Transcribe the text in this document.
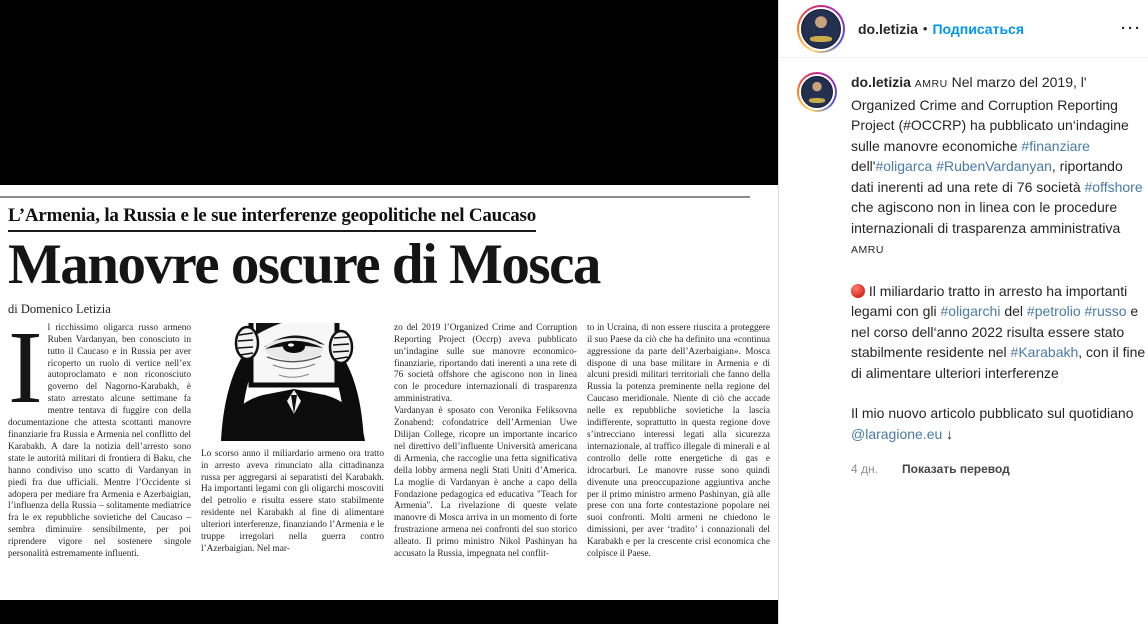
L’Armenia, la Russia e le sue interferenze geopolitiche nel Caucaso
Manovre oscure di Mosca
di Domenico Letizia

Il ricchissimo oligarca russo armeno Ruben Vardanyan, ben conosciuto in tutto il Caucaso e in Russia per aver ricoperto un ruolo di vertice nell’ex autoproclamato e non riconosciuto governo del Nagorno-Karabakh, è stato arrestato alcune settimane fa mentre tentava di fuggire con della documentazione che attesta scottanti manovre finanziarie fra Russia e Armenia nel conflitto del Karabakh. A dare la notizia dell’arresto sono state le autorità militari di frontiera di Baku, che hanno condiviso uno scatto di Vardanyan in piedi fra due ufficiali. Mentre l’Occidente si adopera per mediare fra Armenia e Azerbaigian, l’influenza della Russia – solitamente mediatrice fra le ex repubbliche sovietiche del Caucaso – sembra diminuire sensibilmente, per poi riprendere vigore nel sostenere singole personalità estremamente influenti.

Lo scorso anno il miliardario armeno ora tratto in arresto aveva rinunciato alla cittadinanza russa per aggregarsi ai separatisti del Karabakh. Ha importanti legami con gli oligarchi moscoviti del petrolio e risulta essere stato stabilmente residente nel Karabakh al fine di alimentare ulteriori interferenze, finanziando l’Armenia e le truppe irregolari nella guerra contro l’Azerbaigian. Nel mar-

zo del 2019 l’Organized Crime and Corruption Reporting Project (Occrp) aveva pubblicato un’indagine sulle sue manovre economico-finanziarie, riportando dati inerenti a una rete di 76 società offshore che agiscono non in linea con le procedure internazionali di trasparenza amministrativa.

Vardanyan è sposato con Veronika Feliksovna Zonabend: cofondatrice dell’Armenian Uwe Dilijan College, ricopre un importante incarico nel direttivo dell’influente Università americana di Armenia, che raccoglie una fetta significativa della lobby armena negli Stati Uniti d’America. La moglie di Vardanyan è anche a capo della Fondazione pedagogica ed educativa "Teach for Armenia". La rivelazione di queste velate manovre di Mosca arriva in un momento di forte frustrazione armena nei confronti del suo storico alleato. Il primo ministro Nikol Pashinyan ha accusato la Russia, impegnata nel conflit-

to in Ucraina, di non essere riuscita a proteggere il suo Paese da ciò che ha definito una «continua aggressione da parte dell’Azerbaigian». Mosca dispone di una base militare in Armenia e di alcuni presidi militari territoriali che fanno della Russia la potenza preminente nella regione del Caucaso meridionale. Niente di ciò che accade nelle ex repubbliche sovietiche la lascia indifferente, soprattutto in questa regione dove s’intrecciano interessi legati alla sicurezza internazionale, al traffico illegale di minerali e al controllo delle rotte energetiche di gas e idrocarburi. Le manovre russe sono quindi divenute una preoccupazione aggiuntiva anche per il primo ministro armeno Pashinyan, già alle prese con una forte contestazione popolare nei suoi confronti. Molti armeni ne chiedono le dimissioni, per aver ‘tradito’ i connazionali del Karabakh e per la crescente crisi economica che colpisce il Paese.

do.letizia • Подписаться	···

do.letizia AMRU Nel marzo del 2019, l' Organized Crime and Corruption Reporting Project (#OCCRP) ha pubblicato un‘indagine sulle manovre economiche #finanziare dell'#oligarca #RubenVardanyan, riportando dati inerenti ad una rete di 76 società #offshore che agiscono non in linea con le procedure internazionali di trasparenza amministrativa AMRU

Il miliardario tratto in arresto ha importanti legami con gli #oligarchi del #petrolio #russo e nel corso dell‘anno 2022 risulta essere stato stabilmente residente nel #Karabakh, con il fine di alimentare ulteriori interferenze

Il mio nuovo articolo pubblicato sul quotidiano @laragione.eu ↓

4 дн. Показать перевод
